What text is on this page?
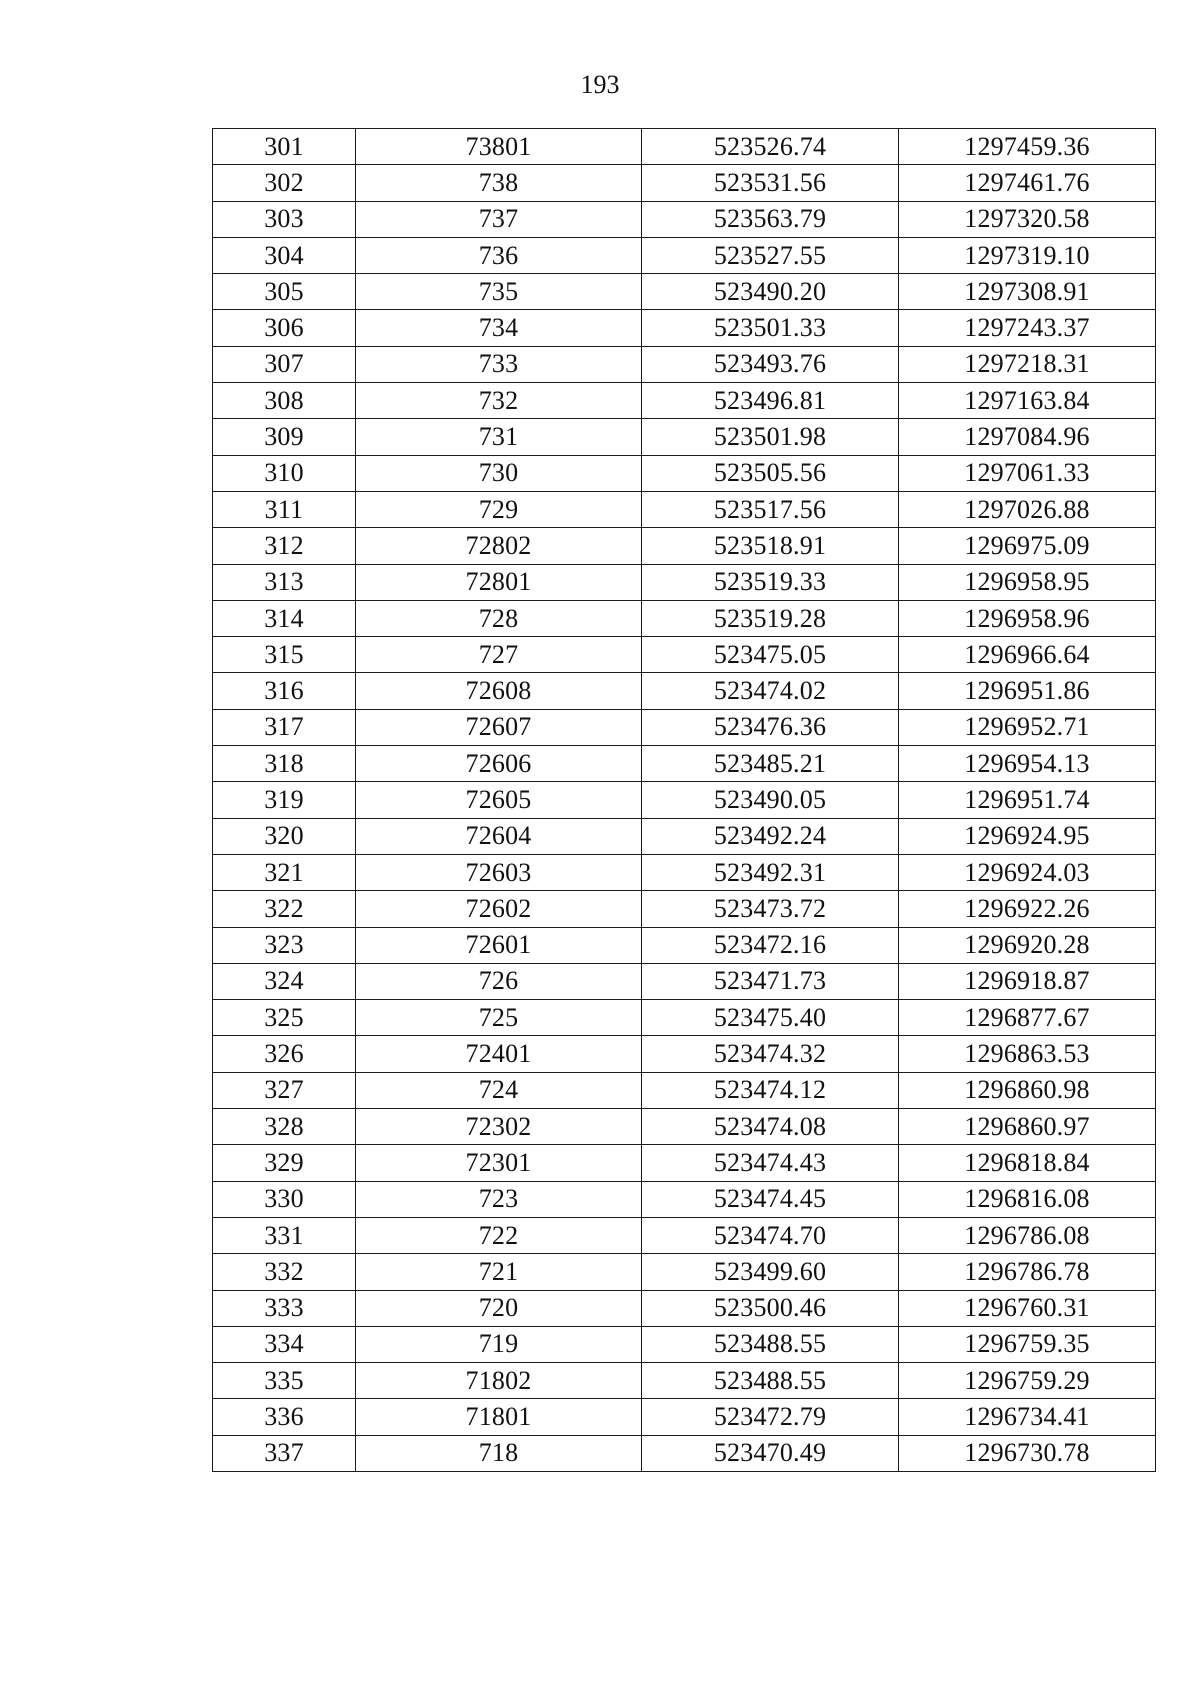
193
301	73801	523526.74	1297459.36
302	738	523531.56	1297461.76
303	737	523563.79	1297320.58
304	736	523527.55	1297319.10
305	735	523490.20	1297308.91
306	734	523501.33	1297243.37
307	733	523493.76	1297218.31
308	732	523496.81	1297163.84
309	731	523501.98	1297084.96
310	730	523505.56	1297061.33
311	729	523517.56	1297026.88
312	72802	523518.91	1296975.09
313	72801	523519.33	1296958.95
314	728	523519.28	1296958.96
315	727	523475.05	1296966.64
316	72608	523474.02	1296951.86
317	72607	523476.36	1296952.71
318	72606	523485.21	1296954.13
319	72605	523490.05	1296951.74
320	72604	523492.24	1296924.95
321	72603	523492.31	1296924.03
322	72602	523473.72	1296922.26
323	72601	523472.16	1296920.28
324	726	523471.73	1296918.87
325	725	523475.40	1296877.67
326	72401	523474.32	1296863.53
327	724	523474.12	1296860.98
328	72302	523474.08	1296860.97
329	72301	523474.43	1296818.84
330	723	523474.45	1296816.08
331	722	523474.70	1296786.08
332	721	523499.60	1296786.78
333	720	523500.46	1296760.31
334	719	523488.55	1296759.35
335	71802	523488.55	1296759.29
336	71801	523472.79	1296734.41
337	718	523470.49	1296730.78
